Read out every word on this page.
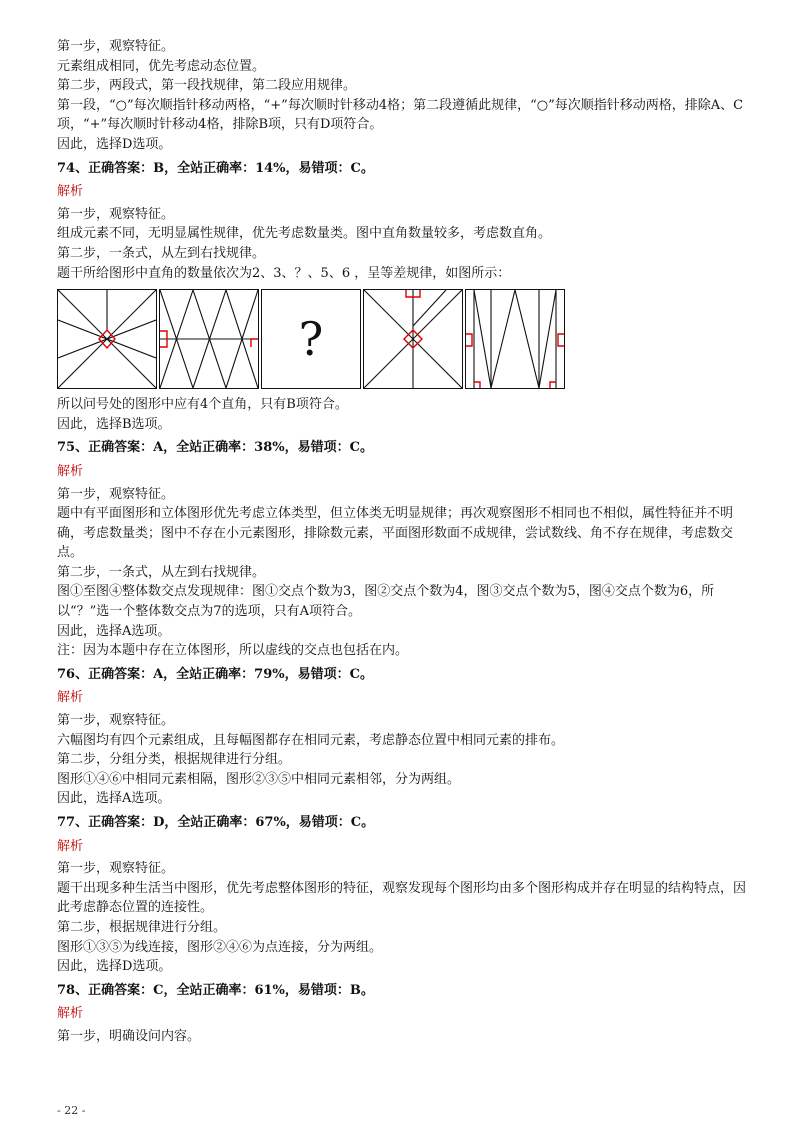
第一步，观察特征。

元素组成相同，优先考虑动态位置。

第二步，两段式，第一段找规律，第二段应用规律。

第一段，“○”每次顺指针移动两格，“+”每次顺时针移动4格；第二段遵循此规律，“○”每次顺指针移动两格，排除A、C项，“+”每次顺时针移动4格，排除B项，只有D项符合。

因此，选择D选项。

74、正确答案：B，全站正确率：14%，易错项：C。
解析

第一步，观察特征。

组成元素不同，无明显属性规律，优先考虑数量类。图中直角数量较多，考虑数直角。

第二步，一条式，从左到右找规律。

题干所给图形中直角的数量依次为2、3、？、5、6 ，呈等差规律，如图所示：

?

所以问号处的图形中应有4个直角，只有B项符合。

因此，选择B选项。

75、正确答案：A，全站正确率：38%，易错项：C。
解析

第一步，观察特征。

题中有平面图形和立体图形优先考虑立体类型，但立体类无明显规律；再次观察图形不相同也不相似，属性特征并不明确，考虑数量类；图中不存在小元素图形，排除数元素，平面图形数面不成规律，尝试数线、角不存在规律，考虑数交点。

第二步，一条式，从左到右找规律。

图①至图④整体数交点发现规律：图①交点个数为3，图②交点个数为4，图③交点个数为5，图④交点个数为6，所以“？”选一个整体数交点为7的选项，只有A项符合。

因此，选择A选项。

注：因为本题中存在立体图形，所以虚线的交点也包括在内。

76、正确答案：A，全站正确率：79%，易错项：C。
解析

第一步，观察特征。

六幅图均有四个元素组成，且每幅图都存在相同元素，考虑静态位置中相同元素的排布。

第二步，分组分类，根据规律进行分组。

图形①④⑥中相同元素相隔，图形②③⑤中相同元素相邻，分为两组。

因此，选择A选项。

77、正确答案：D，全站正确率：67%，易错项：C。
解析

第一步，观察特征。

题干出现多种生活当中图形，优先考虑整体图形的特征，观察发现每个图形均由多个图形构成并存在明显的结构特点，因此考虑静态位置的连接性。

第二步，根据规律进行分组。

图形①③⑤为线连接，图形②④⑥为点连接，分为两组。

因此，选择D选项。

78、正确答案：C，全站正确率：61%，易错项：B。
解析

第一步，明确设问内容。

- 22 -
